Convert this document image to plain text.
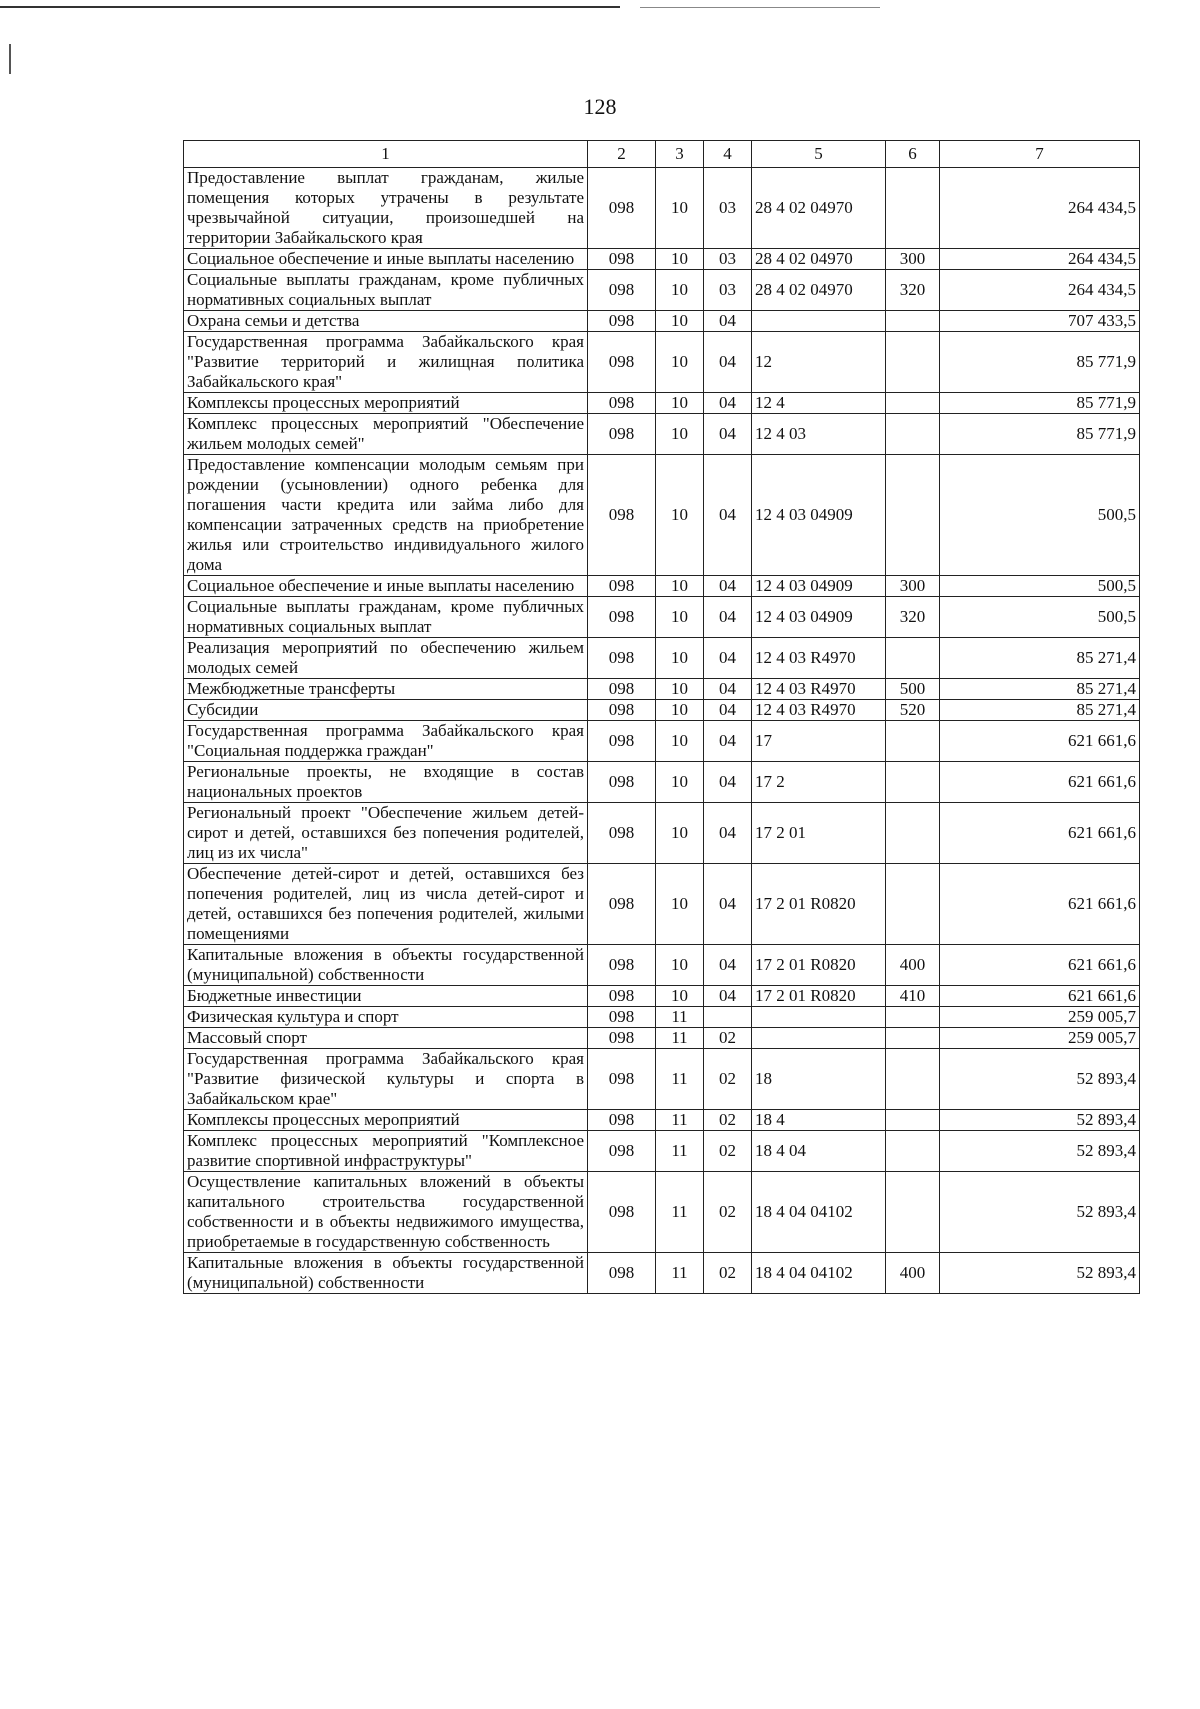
128
1	2	3	4	5	6	7
Предоставление выплат гражданам, жилые помещения которых утрачены в результате чрезвычайной ситуации, произошедшей на территории Забайкальского края	098	10	03	28 4 02 04970		264 434,5
Социальное обеспечение и иные выплаты населению	098	10	03	28 4 02 04970	300	264 434,5
Социальные выплаты гражданам, кроме публичных нормативных социальных выплат	098	10	03	28 4 02 04970	320	264 434,5
Охрана семьи и детства	098	10	04			707 433,5
Государственная программа Забайкальского края "Развитие территорий и жилищная политика Забайкальского края"	098	10	04	12		85 771,9
Комплексы процессных мероприятий	098	10	04	12 4		85 771,9
Комплекс процессных мероприятий "Обеспечение жильем молодых семей"	098	10	04	12 4 03		85 771,9
Предоставление компенсации молодым семьям при рождении (усыновлении) одного ребенка для погашения части кредита или займа либо для компенсации затраченных средств на приобретение жилья или строительство индивидуального жилого дома	098	10	04	12 4 03 04909		500,5
Социальное обеспечение и иные выплаты населению	098	10	04	12 4 03 04909	300	500,5
Социальные выплаты гражданам, кроме публичных нормативных социальных выплат	098	10	04	12 4 03 04909	320	500,5
Реализация мероприятий по обеспечению жильем молодых семей	098	10	04	12 4 03 R4970		85 271,4
Межбюджетные трансферты	098	10	04	12 4 03 R4970	500	85 271,4
Субсидии	098	10	04	12 4 03 R4970	520	85 271,4
Государственная программа Забайкальского края "Социальная поддержка граждан"	098	10	04	17		621 661,6
Региональные проекты, не входящие в состав национальных проектов	098	10	04	17 2		621 661,6
Региональный проект "Обеспечение жильем детей-сирот и детей, оставшихся без попечения родителей, лиц из их числа"	098	10	04	17 2 01		621 661,6
Обеспечение детей-сирот и детей, оставшихся без попечения родителей, лиц из числа детей-сирот и детей, оставшихся без попечения родителей, жилыми помещениями	098	10	04	17 2 01 R0820		621 661,6
Капитальные вложения в объекты государственной (муниципальной) собственности	098	10	04	17 2 01 R0820	400	621 661,6
Бюджетные инвестиции	098	10	04	17 2 01 R0820	410	621 661,6
Физическая культура и спорт	098	11				259 005,7
Массовый спорт	098	11	02			259 005,7
Государственная программа Забайкальского края "Развитие физической культуры и спорта в Забайкальском крае"	098	11	02	18		52 893,4
Комплексы процессных мероприятий	098	11	02	18 4		52 893,4
Комплекс процессных мероприятий "Комплексное развитие спортивной инфраструктуры"	098	11	02	18 4 04		52 893,4
Осуществление капитальных вложений в объекты капитального строительства государственной собственности и в объекты недвижимого имущества, приобретаемые в государственную собственность	098	11	02	18 4 04 04102		52 893,4
Капитальные вложения в объекты государственной (муниципальной) собственности	098	11	02	18 4 04 04102	400	52 893,4
